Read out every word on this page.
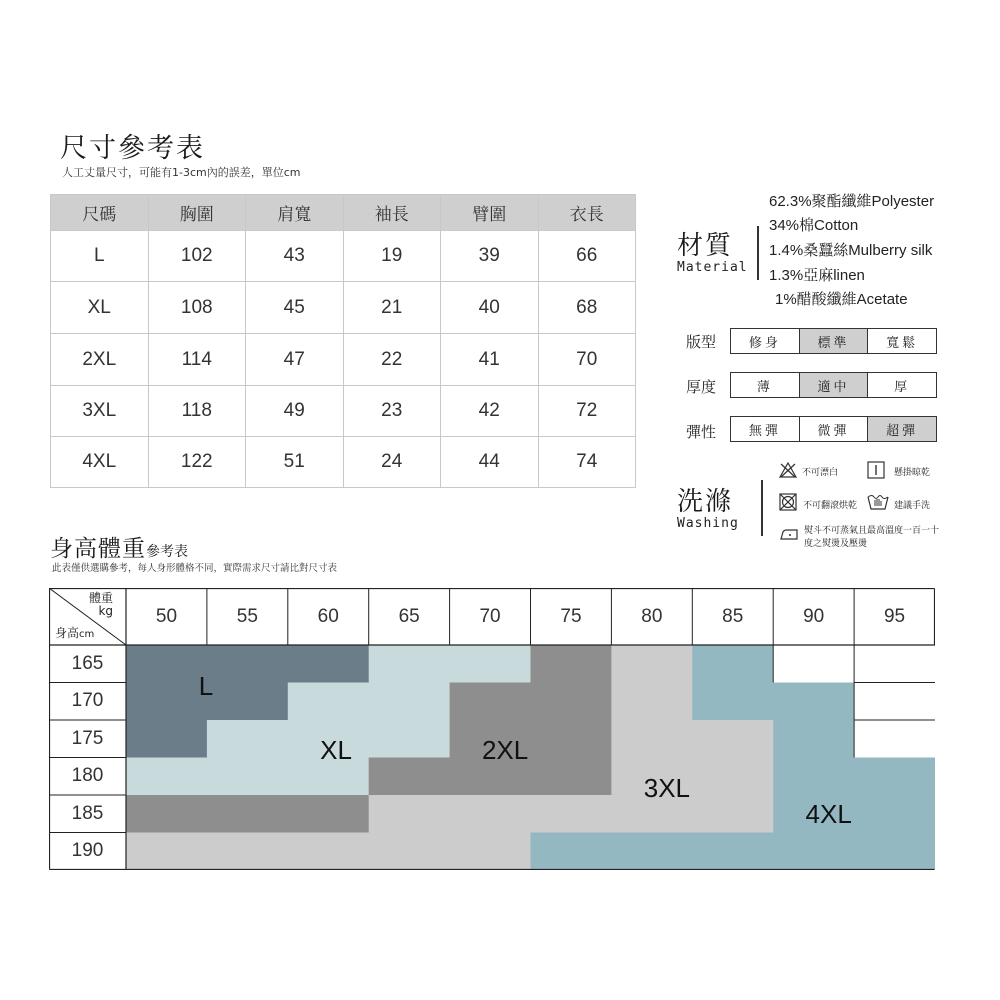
尺寸參考表
人工丈量尺寸，可能有1-3cm內的誤差，單位cm
尺碼	胸圍	肩寬	袖長	臂圍	衣長
L	102	43	19	39	66
XL	108	45	21	40	68
2XL	114	47	22	41	70
3XL	118	49	23	42	72
4XL	122	51	24	44	74
材質
Material
62.3%聚酯纖維Polyester
34%棉Cotton
1.4%桑蠶絲Mulberry silk
1.3%亞麻linen
1%醋酸纖維Acetate
版型	修身	標準	寬鬆
厚度	薄	適中	厚
彈性	無彈	微彈	超彈
洗滌
Washing
不可漂白	懸掛晾乾
不可翻滾烘乾	建議手洗
熨斗不可蒸氣且最高溫度一百一十度之熨燙及壓燙
身高體重參考表
此表僅供選購參考，每人身形體格不同，實際需求尺寸請比對尺寸表
50	55	60	65	70	75	80	85	90	95
165
170
175
180
185
190
L
XL	2XL
3XL
4XL
體重
kg
身高cm
